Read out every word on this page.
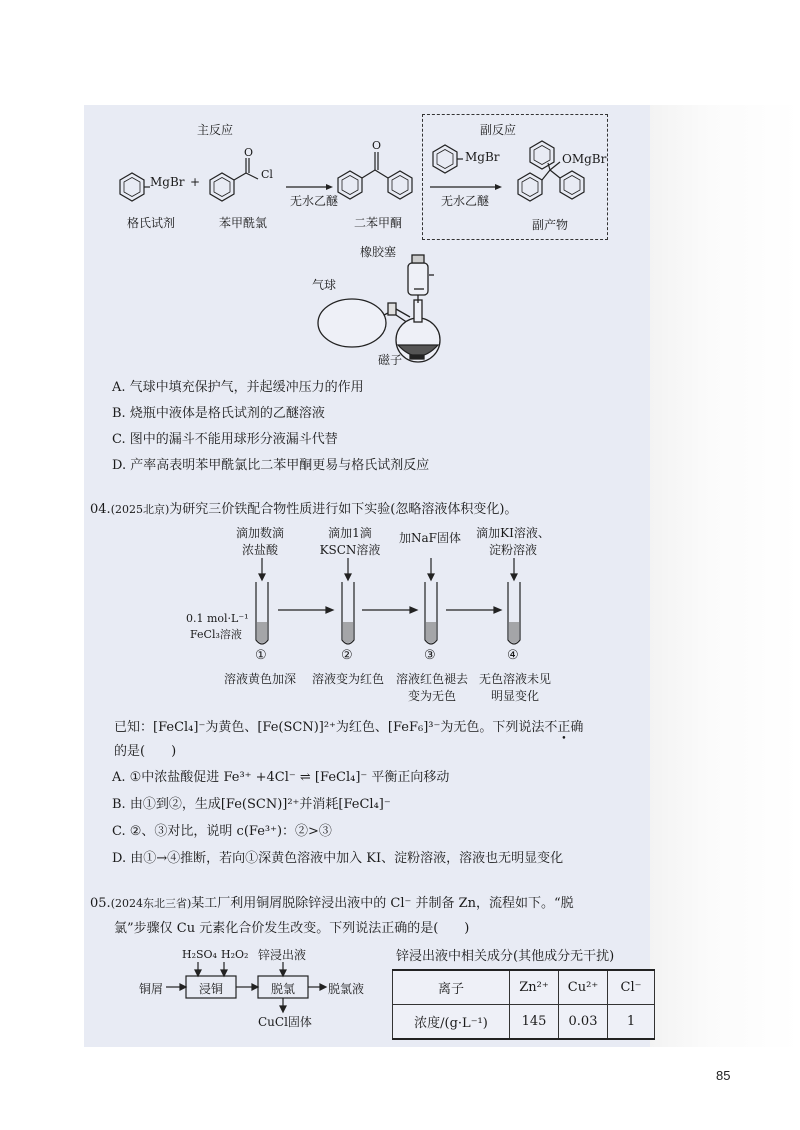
主反应	副反应
MgBr +
O
Cl
O
无水乙醚
MgBr
无水乙醚
OMgBr
格氏试剂	苯甲酰氯	二苯甲酮	副产物
橡胶塞
气球
磁子
A. 气球中填充保护气，并起缓冲压力的作用
B. 烧瓶中液体是格氏试剂的乙醚溶液
C. 图中的漏斗不能用球形分液漏斗代替
D. 产率高表明苯甲酰氯比二苯甲酮更易与格氏试剂反应
04.(2025北京)为研究三价铁配合物性质进行如下实验(忽略溶液体积变化)。
滴加数滴
浓盐酸
滴加1滴
KSCN溶液
加NaF固体	滴加KI溶液、
淀粉溶液
0.1 mol·L⁻¹
FeCl₃溶液
①	②	③	④
溶液黄色加深	溶液变为红色 溶液红色褪去
变为无色
无色溶液未见
明显变化
已知：[FeCl₄]⁻为黄色、[Fe(SCN)]²⁺为红色、[FeF₆]³⁻为无色。下列说法不正确
的是(　　)
A. ①中浓盐酸促进 Fe³⁺ +4Cl⁻ ⇌ [FeCl₄]⁻ 平衡正向移动
B. 由①到②，生成[Fe(SCN)]²⁺并消耗[FeCl₄]⁻
C. ②、③对比，说明 c(Fe³⁺)：②>③
D. 由①→④推断，若向①深黄色溶液中加入 KI、淀粉溶液，溶液也无明显变化
05.(2024东北三省)某工厂利用铜屑脱除锌浸出液中的 Cl⁻ 并制备 Zn，流程如下。“脱
氯”步骤仅 Cu 元素化合价发生改变。下列说法正确的是(　　)
H₂SO₄ H₂O₂ 锌浸出液
铜屑	浸铜	脱氯	脱氯液
CuCl固体
锌浸出液中相关成分(其他成分无干扰)
离子	Zn²⁺	Cu²⁺	Cl⁻
浓度/(g·L⁻¹)	145	0.03	1
85
